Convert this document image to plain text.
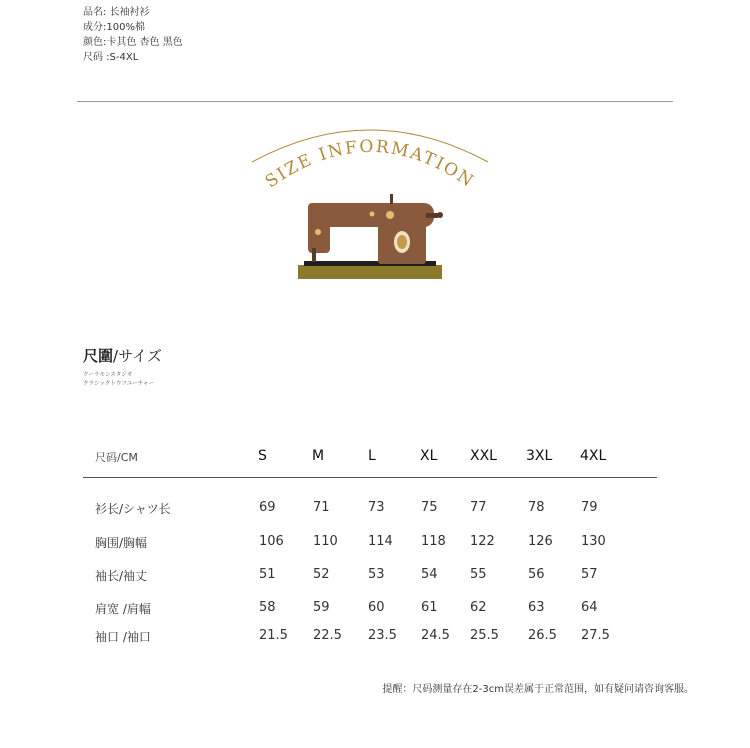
品名: 长袖衬衫
成分:100%棉
颜色:卡其色 杏色 黑色
尺码 :S-4XL
SIZE INFORMATION
尺圍/サイズ
クーラモンスタジオ
クラシックトウフユーチャー
尺码/CM	S	M	L	XL XXL 3XL 4XL
衫长/シャツ长	69	71	73	75 77	78	79
胸围/胸幅	106 110 114 118 122	126 130
袖长/袖丈	51	52	53	54 55	56	57
肩宽 /肩幅	58	59	60	61 62	63	64
袖口 /袖口	21.5 22.5 23.5 24.5 25.5 26.5 27.5
提醒：尺码测量存在2-3cm误差属于正常范围，如有疑问请咨询客服。
